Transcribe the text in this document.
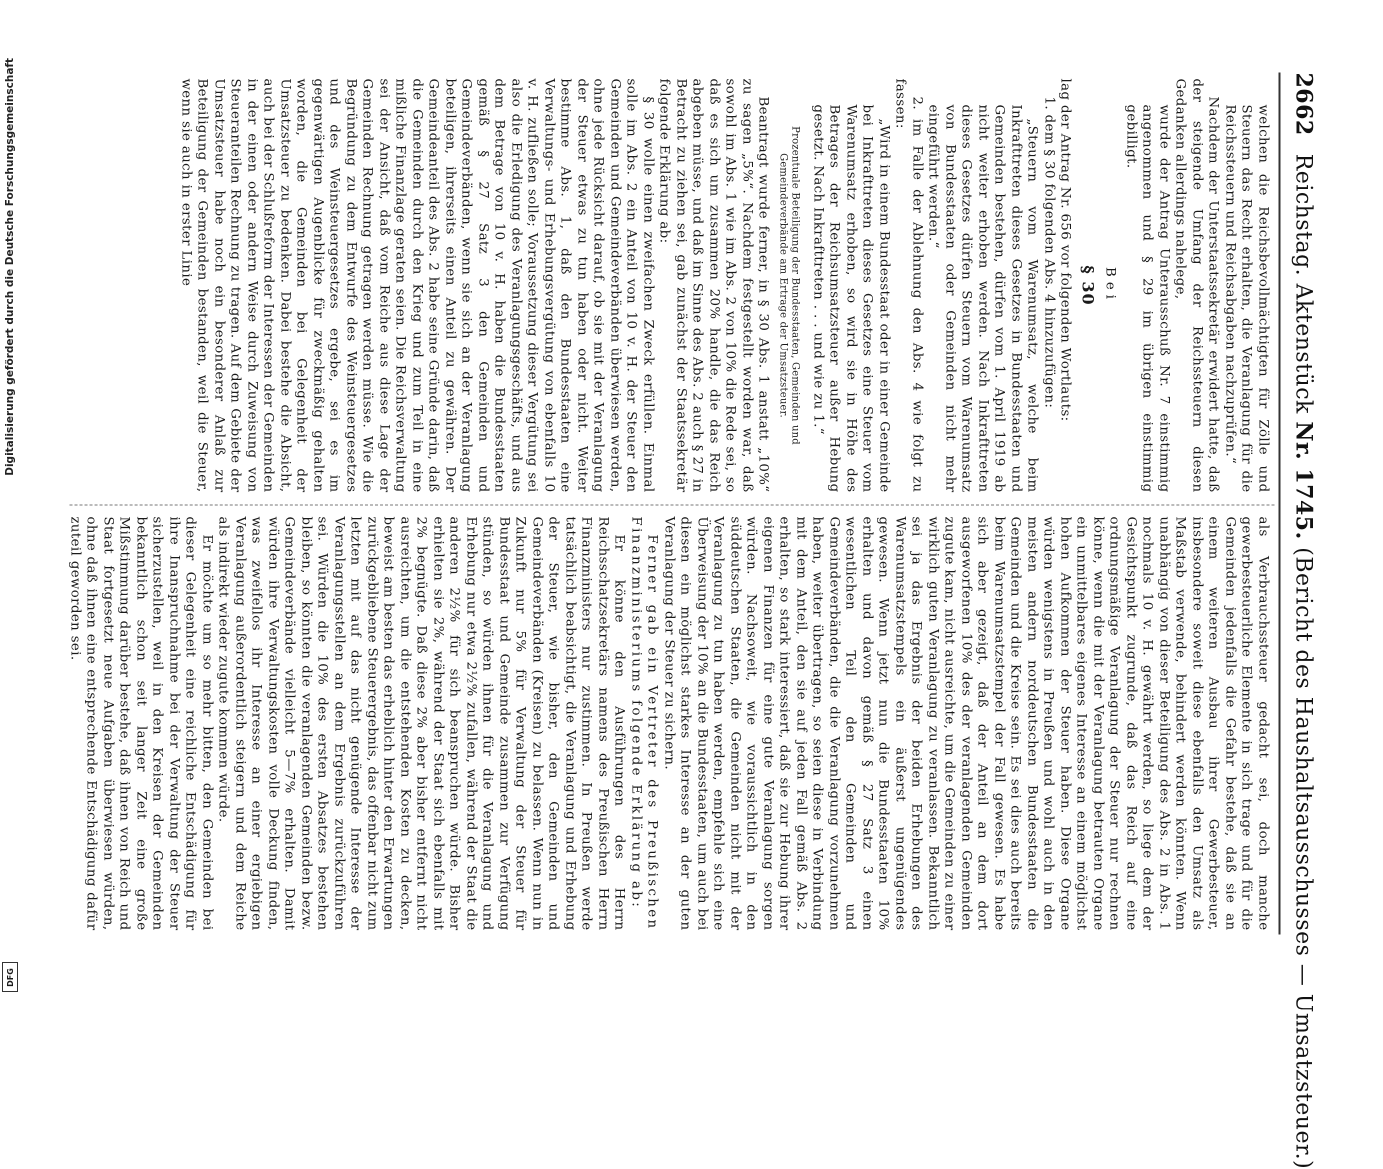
Digitalisierung gefördert durch die Deutsche Forschungsgemeinschaft
DFG
2662
Reichstag. Aktenstück Nr. 1745. (Bericht des Haushaltsausschusses — Umsatzsteuer.)

welchen die Reichsbevollmächtigten für Zölle und Steuern das Recht erhalten, die Veranlagung für die Reichssteuern und Reichsabgaben nachzuprüfen.“

Nachdem der Unterstaatssekretär erwidert hatte, daß der steigende Umfang der Reichssteuern diesen Gedanken allerdings nahelege,

wurde der Antrag Unterausschuß Nr. 7 einstimmig angenommen und § 29 im übrigen einstimmig gebilligt.

Bei

§ 30

lag der Antrag Nr. 656 vor folgenden Wortlauts:

1. dem § 30 folgenden Abs. 4 hinzuzufügen:

„Steuern vom Warenumsatz, welche beim Inkrafttreten dieses Gesetzes in Bundesstaaten und Gemeinden bestehen, dürfen vom 1. April 1919 ab nicht weiter erhoben werden. Nach Inkrafttreten dieses Gesetzes dürfen Steuern vom Warenumsatz von Bundesstaaten oder Gemeinden nicht mehr eingeführt werden.“

2. im Falle der Ablehnung den Abs. 4 wie folgt zu fassen:

„Wird in einem Bundesstaat oder in einer Gemeinde bei Inkrafttreten dieses Gesetzes eine Steuer vom Warenumsatz erhoben, so wird sie in Höhe des Betrages der Reichsumsatzsteuer außer Hebung gesetzt. Nach Inkrafttreten . . . und wie zu 1.“

Prozentuale Beteiligung der Bundesstaaten, Gemeinden und Gemeindeverbände am Ertrage der Umsatzsteuer.

Beantragt wurde ferner, in § 30 Abs. 1 anstatt „10%“ zu sagen „5%“. Nachdem festgestellt worden war, daß sowohl im Abs. 1 wie im Abs. 2 von 10% die Rede sei, so daß es sich um zusammen 20% handle, die das Reich abgeben müsse, und daß im Sinne des Abs. 2 auch § 27 in Betracht zu ziehen sei, gab zunächst der Staatssekretär folgende Erklärung ab:

§ 30 wolle einen zweifachen Zweck erfüllen. Einmal solle im Abs. 2 ein Anteil von 10 v. H. der Steuer den Gemeinden und Gemeindeverbänden überwiesen werden, ohne jede Rücksicht darauf, ob sie mit der Veranlagung der Steuer etwas zu tun haben oder nicht. Weiter bestimme Abs. 1, daß den Bundesstaaten eine Verwaltungs- und Erhebungsvergütung von ebenfalls 10 v. H. zufließen solle; Voraussetzung dieser Vergütung sei also die Erledigung des Veranlagungsgeschäfts, und aus dem Betrage von 10 v. H. haben die Bundesstaaten gemäß § 27 Satz 3 den Gemeinden und Gemeindeverbänden, wenn sie sich an der Veranlagung beteiligen, ihrerseits einen Anteil zu gewähren. Der Gemeindeanteil des Abs. 2 habe seine Gründe darin, daß die Gemeinden durch den Krieg und zum Teil in eine mißliche Finanzlage geraten seien. Die Reichsverwaltung sei der Ansicht, daß vom Reiche aus diese Lage der Gemeinden Rechnung getragen werden müsse. Wie die Begründung zu dem Entwurfe des Weinsteuergesetzes und des Weinsteuergesetzes ergebe, sei es im gegenwärtigen Augenblicke für zweckmäßig gehalten worden, die Gemeinden bei Gelegenheit der Umsatzsteuer zu bedenken. Dabei bestehe die Absicht, auch bei der Schlußreform der Interessen der Gemeinden in der einen oder andern Weise durch Zuweisung von Steueranteilen Rechnung zu tragen. Auf dem Gebiete der Umsatzsteuer habe noch ein besonderer Anlaß zur Beteiligung der Gemeinden bestanden, weil die Steuer, wenn sie auch in erster Linie

als Verbrauchssteuer gedacht sei, doch manche gewerbesteuerliche Elemente in sich trage und für die Gemeinden jedenfalls die Gefahr bestehe, daß sie an einem weiteren Ausbau ihrer Gewerbesteuer, insbesondere soweit diese ebenfalls den Umsatz als Maßstab verwende, behindert werden könnten. Wenn unabhängig von dieser Beteiligung des Abs. 2 in Abs. 1 nochmals 10 v. H. gewährt werden, so liege dem der Gesichtspunkt zugrunde, daß das Reich auf eine ordnungsmäßige Veranlagung der Steuer nur rechnen könne, wenn die mit der Veranlagung betrauten Organe ein unmittelbares eigenes Interesse an einem möglichst hohen Aufkommen der Steuer haben. Diese Organe würden wenigstens in Preußen und wohl auch in den meisten andern norddeutschen Bundesstaaten die Gemeinden und die Kreise sein. Es sei dies auch bereits beim Warenumsatzstempel der Fall gewesen. Es habe sich aber gezeigt, daß der Anteil an dem dort ausgeworfenen 10% des der veranlagenden Gemeinden zugute kam, nicht ausreichte, um die Gemeinden zu einer wirklich guten Veranlagung zu veranlassen. Bekanntlich sei ja das Ergebnis der beiden Erhebungen des Warenumsatzstempels ein äußerst ungenügendes gewesen. Wenn jetzt nun die Bundesstaaten 10% erhalten und davon gemäß § 27 Satz 3 einen wesentlichen Teil den Gemeinden und Gemeindeverbänden, die die Veranlagung vorzunehmen haben, weiter übertragen, so seien diese in Verbindung mit dem Anteil, den sie auf jeden Fall gemäß Abs. 2 erhalten, so stark interessiert, daß sie zur Hebung ihrer eigenen Finanzen für eine gute Veranlagung sorgen würden. Nachsoweit, wie voraussichtlich in den süddeutschen Staaten, die Gemeinden nicht mit der Veranlagung zu tun haben werden, empfehle sich eine Überweisung der 10% an die Bundesstaaten, um auch bei diesen ein möglichst starkes Interesse an der guten Veranlagung der Steuer zu sichern.

Ferner gab ein Vertreter des Preußischen Finanzministeriums folgende Erklärung ab:

Er könne den Ausführungen des Herrn Reichsschatzsekretärs namens des Preußischen Herrn Finanzministers nur zustimmen. In Preußen werde tatsächlich beabsichtigt, die Veranlagung und Erhebung der Steuer, wie bisher, den Gemeinden und Gemeindeverbänden (Kreisen) zu belassen. Wenn nun in Zukunft nur 5% für Verwaltung der Steuer für Bundesstaat und Gemeinde zusammen zur Verfügung stünden, so würden ihnen für die Veranlagung und Erhebung nur etwa 2½% zufallen, während der Staat die anderen 2½% für sich beanspruchen würde. Bisher erhielten sie 2%, während der Staat sich ebenfalls mit 2% begnügte. Daß diese 2% aber bisher entfernt nicht ausreichten, um die entstehenden Kosten zu decken, beweist am besten das erheblich hinter den Erwartungen zurückgebliebene Steuerergebnis, das offenbar nicht zum letzten mit auf das nicht genügende Interesse der Veranlagungsstellen an dem Ergebnis zurückzuführen sei. Würden die 10% des ersten Absatzes bestehen bleiben, so könnten die veranlagenden Gemeinden bezw. Gemeindeverbände vielleicht 5—7% erhalten. Damit würden ihre Verwaltungskosten volle Deckung finden, was zweifellos ihr Interesse an einer ergiebigen Veranlagung außerordentlich steigern und dem Reiche als indirekt wieder zugute kommen würde.

Er möchte um so mehr bitten, den Gemeinden bei dieser Gelegenheit eine reichliche Entschädigung für ihre Inanspruchnahme bei der Verwaltung der Steuer sicherzustellen, weil in den Kreisen der Gemeinden bekanntlich schon seit langer Zeit eine große Mißstimmung darüber bestehe, daß ihnen von Reich und Staat fortgesetzt neue Aufgaben überwiesen würden, ohne daß ihnen eine entsprechende Entschädigung dafür zuteil geworden sei.
